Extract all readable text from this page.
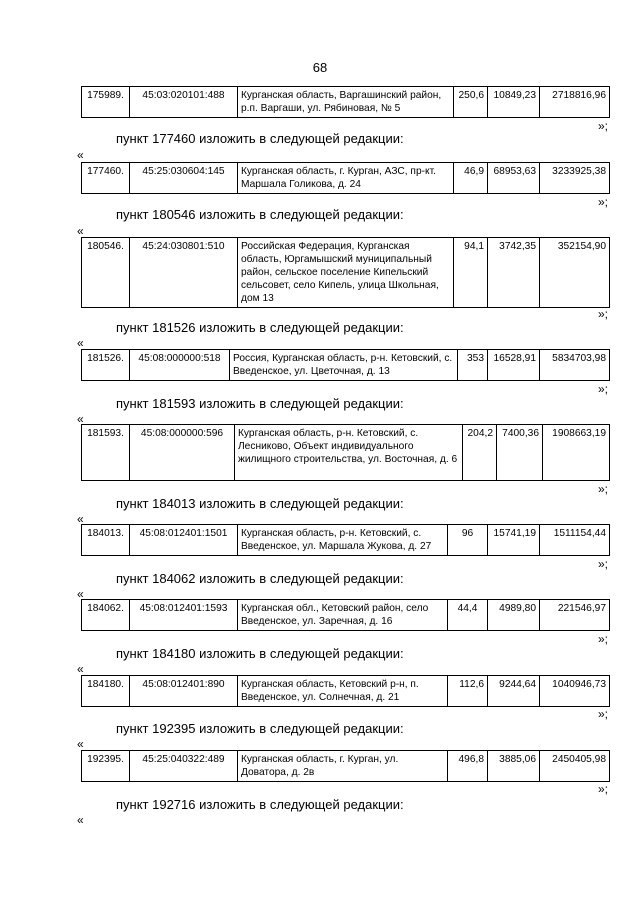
68
175989.	45:03:020101:488	Курганская область, Варгашинский район, р.п. Варгаши, ул. Рябиновая, № 5	250,6	10849,23	2718816,96
»;
пункт 177460 изложить в следующей редакции:
«
177460.	45:25:030604:145	Курганская область, г. Курган, АЗС, пр-кт. Маршала Голикова, д. 24	46,9	68953,63	3233925,38
»;
пункт 180546 изложить в следующей редакции:
«
180546.	45:24:030801:510	Российская Федерация, Курганская область, Юргамышский муниципальный район, сельское поселение Кипельский сельсовет, село Кипель, улица Школьная, дом 13	94,1	3742,35	352154,90
»;
пункт 181526 изложить в следующей редакции:
«
181526.	45:08:000000:518	Россия, Курганская область, р-н. Кетовский, с. Введенское, ул. Цветочная, д. 13	353	16528,91	5834703,98
»;
пункт 181593 изложить в следующей редакции:
«
181593.	45:08:000000:596	Курганская область, р-н. Кетовский, с. Лесниково, Объект индивидуального жилищного строительства, ул. Восточная, д. 6	204,2	7400,36	1908663,19
»;
пункт 184013 изложить в следующей редакции:
«
184013.	45:08:012401:1501	Курганская область, р-н. Кетовский, с. Введенское, ул. Маршала Жукова, д. 27	96	15741,19	1511154,44
»;
пункт 184062 изложить в следующей редакции:
«
184062.	45:08:012401:1593	Курганская обл., Кетовский район, село Введенское, ул. Заречная, д. 16	44,4	4989,80	221546,97
»;
пункт 184180 изложить в следующей редакции:
«
184180.	45:08:012401:890	Курганская область, Кетовский р-н, п. Введенское, ул. Солнечная, д. 21	112,6	9244,64	1040946,73
»;
пункт 192395 изложить в следующей редакции:
«
192395.	45:25:040322:489	Курганская область, г. Курган, ул. Доватора, д. 2в	496,8	3885,06	2450405,98
»;
пункт 192716 изложить в следующей редакции:
«
